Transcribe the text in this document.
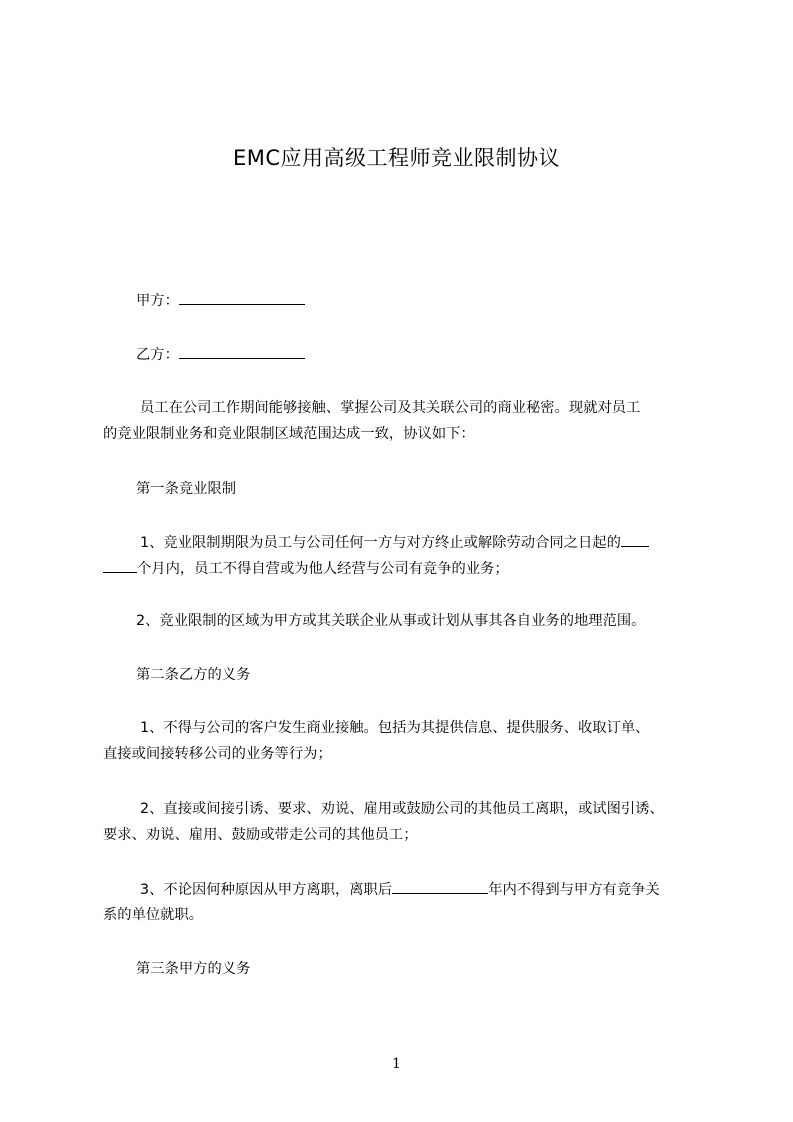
EMC应用高级工程师竞业限制协议
甲方：
乙方：
员工在公司工作期间能够接触、掌握公司及其关联公司的商业秘密。现就对员工
的竞业限制业务和竞业限制区域范围达成一致，协议如下：
第一条竞业限制
1、竞业限制期限为员工与公司任何一方与对方终止或解除劳动合同之日起的
个月内，员工不得自营或为他人经营与公司有竞争的业务；
2、竞业限制的区域为甲方或其关联企业从事或计划从事其各自业务的地理范围。
第二条乙方的义务
1、不得与公司的客户发生商业接触。包括为其提供信息、提供服务、收取订单、
直接或间接转移公司的业务等行为；
2、直接或间接引诱、要求、劝说、雇用或鼓励公司的其他员工离职，或试图引诱、
要求、劝说、雇用、鼓励或带走公司的其他员工；
3、不论因何种原因从甲方离职，离职后	年内不得到与甲方有竞争关
系的单位就职。
第三条甲方的义务
1
